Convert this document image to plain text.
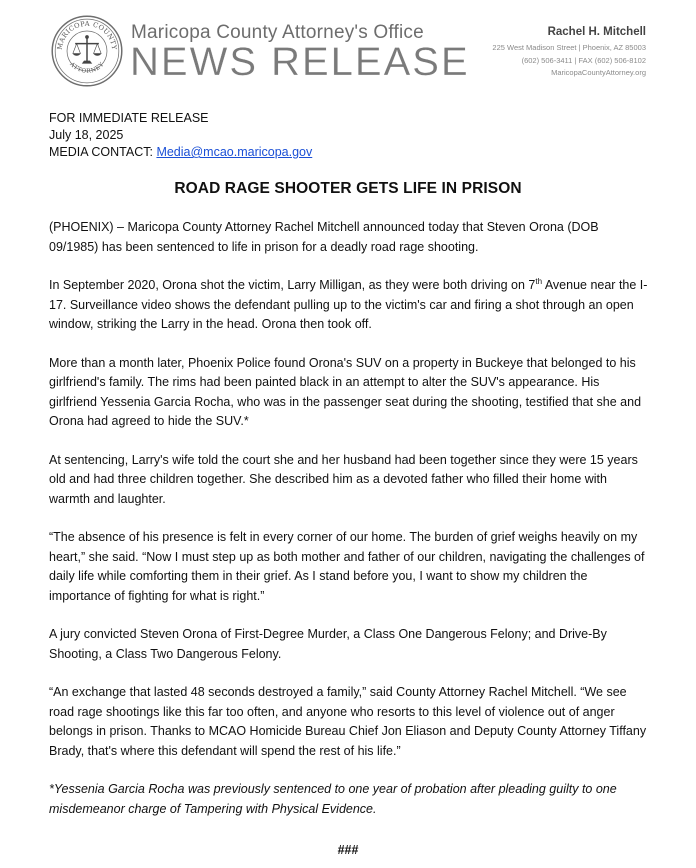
MARICOPA COUNTY
ATTORNEY
Maricopa County Attorney's Office
NEWS RELEASE
Rachel H. Mitchell
225 West Madison Street | Phoenix, AZ 85003
(602) 506-3411 | FAX (602) 506-8102
MaricopaCountyAttorney.org
FOR IMMEDIATE RELEASE
July 18, 2025
MEDIA CONTACT: Media@mcao.maricopa.gov
ROAD RAGE SHOOTER GETS LIFE IN PRISON

(PHOENIX) – Maricopa County Attorney Rachel Mitchell announced today that Steven Orona (DOB 09/1985) has been sentenced to life in prison for a deadly road rage shooting.

In September 2020, Orona shot the victim, Larry Milligan, as they were both driving on 7th Avenue near the I-17. Surveillance video shows the defendant pulling up to the victim's car and firing a shot through an open window, striking the Larry in the head. Orona then took off.

More than a month later, Phoenix Police found Orona's SUV on a property in Buckeye that belonged to his girlfriend's family. The rims had been painted black in an attempt to alter the SUV's appearance. His girlfriend Yessenia Garcia Rocha, who was in the passenger seat during the shooting, testified that she and Orona had agreed to hide the SUV.*

At sentencing, Larry's wife told the court she and her husband had been together since they were 15 years old and had three children together. She described him as a devoted father who filled their home with warmth and laughter.

“The absence of his presence is felt in every corner of our home. The burden of grief weighs heavily on my heart,” she said. “Now I must step up as both mother and father of our children, navigating the challenges of daily life while comforting them in their grief. As I stand before you, I want to show my children the importance of fighting for what is right.”

A jury convicted Steven Orona of First-Degree Murder, a Class One Dangerous Felony; and Drive-By Shooting, a Class Two Dangerous Felony.

“An exchange that lasted 48 seconds destroyed a family,” said County Attorney Rachel Mitchell. “We see road rage shootings like this far too often, and anyone who resorts to this level of violence out of anger belongs in prison. Thanks to MCAO Homicide Bureau Chief Jon Eliason and Deputy County Attorney Tiffany Brady, that's where this defendant will spend the rest of his life.”

*Yessenia Garcia Rocha was previously sentenced to one year of probation after pleading guilty to one misdemeanor charge of Tampering with Physical Evidence.

###
